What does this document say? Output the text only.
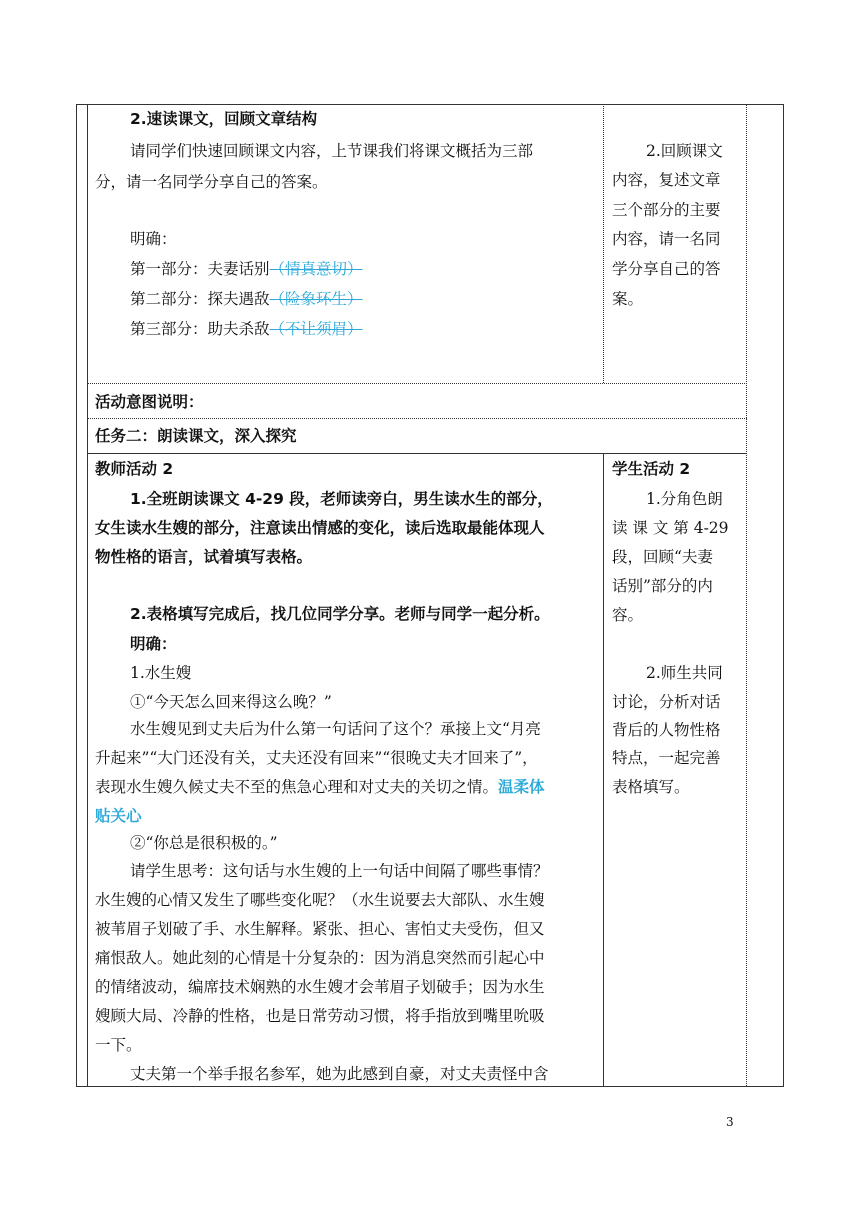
2.速读课文，回顾文章结构
请同学们快速回顾课文内容，上节课我们将课文概括为三部
分，请一名同学分享自己的答案。
明确：
第一部分：夫妻话别（情真意切）
第二部分：探夫遇敌（险象环生）
第三部分：助夫杀敌（不让须眉）
2.回顾课文
内容，复述文章
三个部分的主要
内容，请一名同
学分享自己的答
案。
活动意图说明：
任务二：朗读课文，深入探究
教师活动 2
1.全班朗读课文 4-29 段，老师读旁白，男生读水生的部分，
女生读水生嫂的部分，注意读出情感的变化，读后选取最能体现人
物性格的语言，试着填写表格。
2.表格填写完成后，找几位同学分享。老师与同学一起分析。
明确：
1.水生嫂
①“今天怎么回来得这么晚？”
水生嫂见到丈夫后为什么第一句话问了这个？承接上文“月亮
升起来”“大门还没有关，丈夫还没有回来”“很晚丈夫才回来了”，
表现水生嫂久候丈夫不至的焦急心理和对丈夫的关切之情。温柔体
贴关心
②“你总是很积极的。”
请学生思考：这句话与水生嫂的上一句话中间隔了哪些事情？
水生嫂的心情又发生了哪些变化呢？（水生说要去大部队、水生嫂
被苇眉子划破了手、水生解释。紧张、担心、害怕丈夫受伤，但又
痛恨敌人。她此刻的心情是十分复杂的：因为消息突然而引起心中
的情绪波动，编席技术娴熟的水生嫂才会苇眉子划破手；因为水生
嫂顾大局、冷静的性格，也是日常劳动习惯，将手指放到嘴里吮吸
一下。
丈夫第一个举手报名参军，她为此感到自豪，对丈夫责怪中含
学生活动 2
1.分角色朗
读 课 文 第 4-29
段，回顾“夫妻
话别”部分的内
容。
2.师生共同
讨论，分析对话
背后的人物性格
特点，一起完善
表格填写。
3
